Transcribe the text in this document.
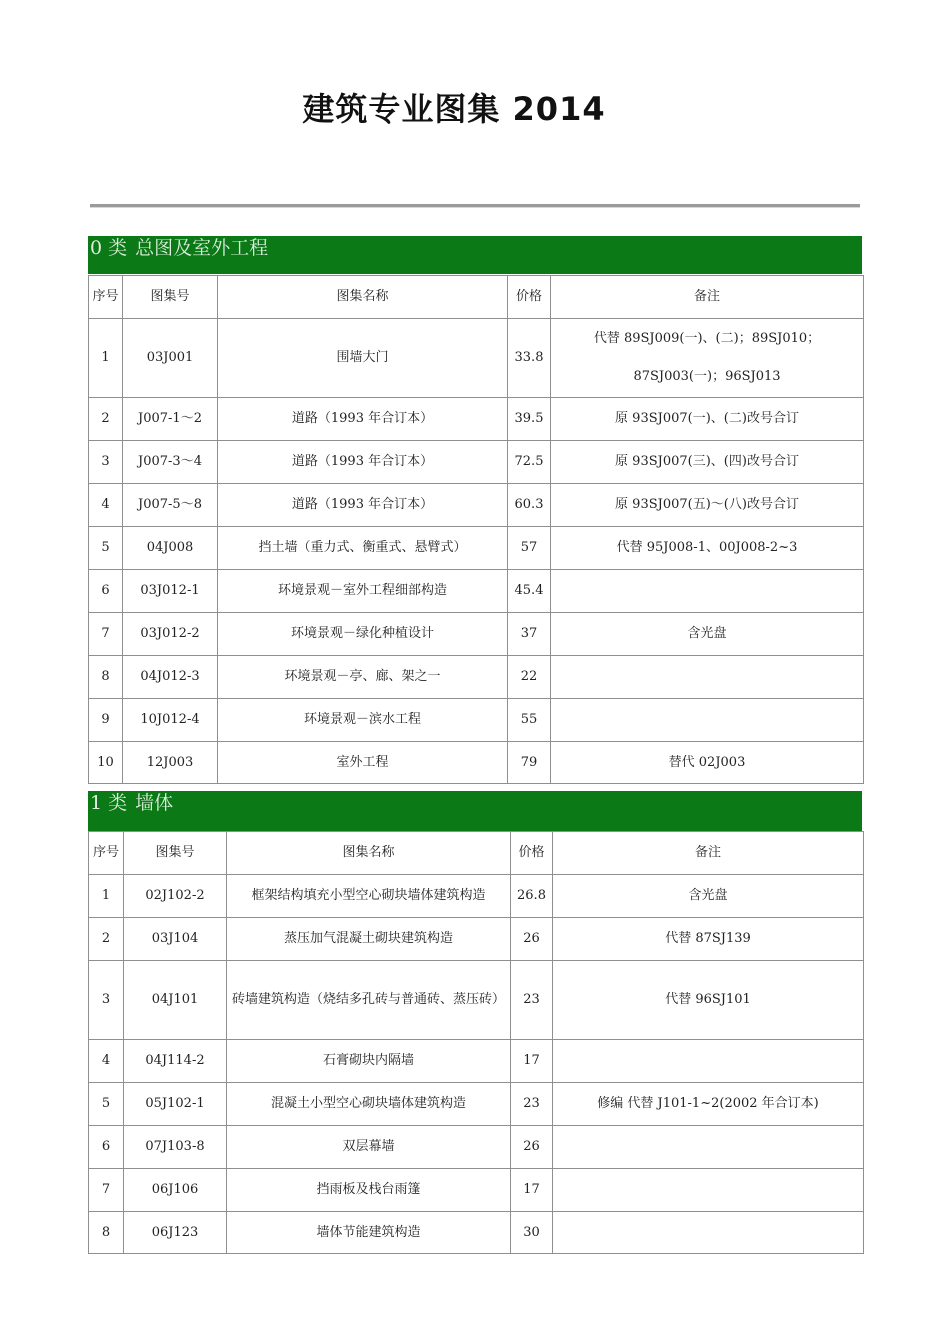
建筑专业图集 2014
0 类 总图及室外工程
序号	图集号	图集名称	价格	备注
1	03J001	围墙大门	33.8	代替 89SJ009(一)、(二)；89SJ010；87SJ003(一)；96SJ013
2	J007-1～2	道路（1993 年合订本）	39.5	原 93SJ007(一)、(二)改号合订
3	J007-3～4	道路（1993 年合订本）	72.5	原 93SJ007(三)、(四)改号合订
4	J007-5～8	道路（1993 年合订本）	60.3	原 93SJ007(五)～(八)改号合订
5	04J008	挡土墙（重力式、衡重式、悬臂式）	57	代替 95J008-1、00J008-2~3
6	03J012-1	环境景观－室外工程细部构造	45.4	
7	03J012-2	环境景观－绿化种植设计	37	含光盘
8	04J012-3	环境景观－亭、廊、架之一	22	
9	10J012-4	环境景观－滨水工程	55	
10	12J003	室外工程	79	替代 02J003
1 类 墙体
序号	图集号	图集名称	价格	备注
1	02J102-2	框架结构填充小型空心砌块墙体建筑构造	26.8	含光盘
2	03J104	蒸压加气混凝土砌块建筑构造	26	代替 87SJ139
3	04J101	砖墙建筑构造（烧结多孔砖与普通砖、蒸压砖）	23	代替 96SJ101
4	04J114-2	石膏砌块内隔墙	17	
5	05J102-1	混凝土小型空心砌块墙体建筑构造	23	修编 代替 J101-1~2(2002 年合订本)
6	07J103-8	双层幕墙	26	
7	06J106	挡雨板及栈台雨篷	17	
8	06J123	墙体节能建筑构造	30	
